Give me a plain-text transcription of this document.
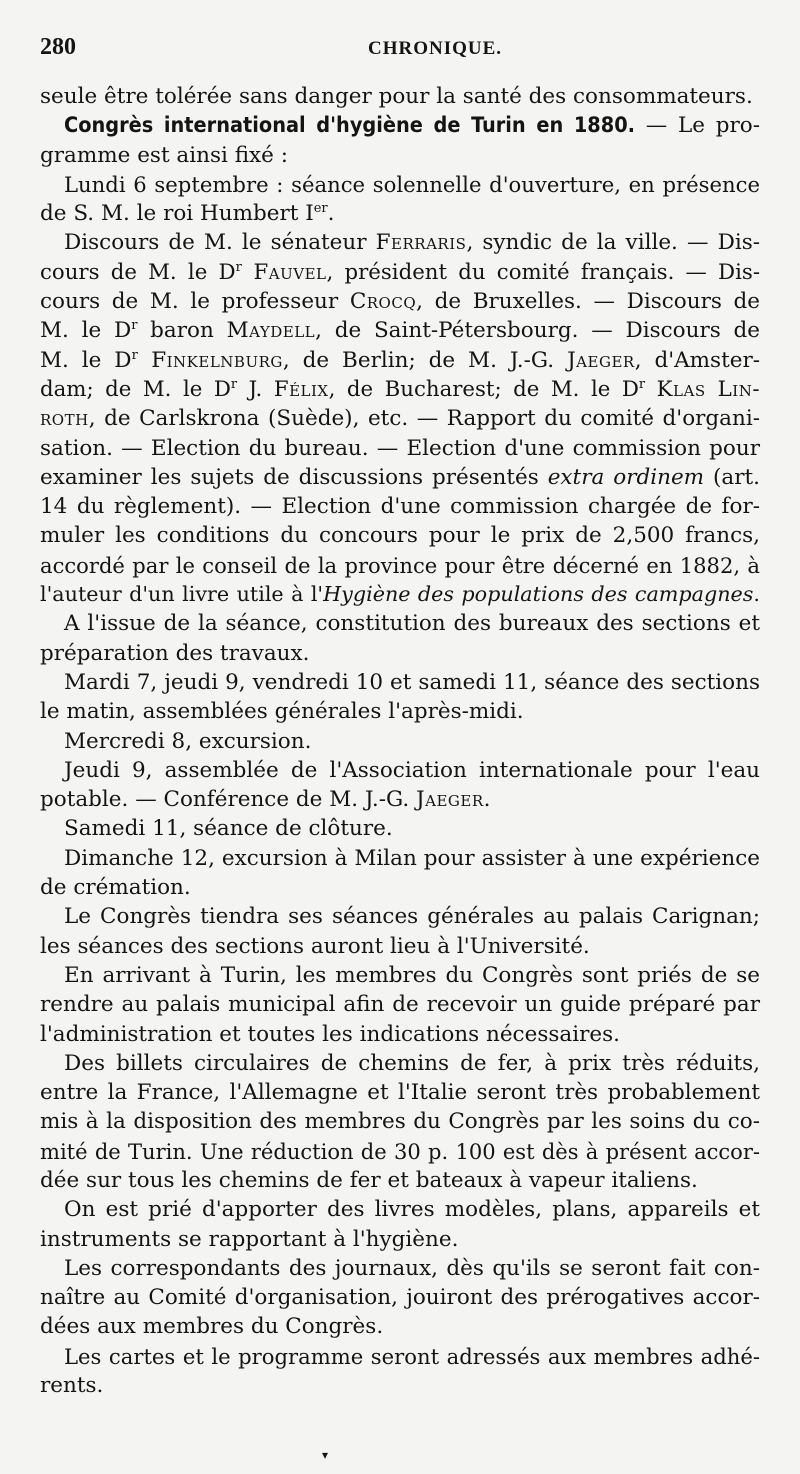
280	CHRONIQUE.
seule être tolérée sans danger pour la santé des consommateurs.
Congrès international d'hygiène de Turin en 1880. — Le pro-
gramme est ainsi fixé :
Lundi 6 septembre : séance solennelle d'ouverture, en présence
de S. M. le roi Humbert Ier.
Discours de M. le sénateur Ferraris, syndic de la ville. — Dis-
cours de M. le $D^r$ Fauvel, président du comité français. — Dis-
cours de M. le professeur Crocq, de Bruxelles. — Discours de
M. le $D^r$ baron Maydell, de Saint-Pétersbourg. — Discours de
M. le $D^r$ Finkelnburg, de Berlin; de M. J.-G. Jaeger, d'Amster-
dam; de M. le $D^r$ J. Félix, de Bucharest; de M. le $D^r$ Klas Lin-
roth, de Carlskrona (Suède), etc. — Rapport du comité d'organi-
sation. — Election du bureau. — Election d'une commission pour
examiner les sujets de discussions présentés extra ordinem (art.
14 du règlement). — Election d'une commission chargée de for-
muler les conditions du concours pour le prix de 2,500 francs,
accordé par le conseil de la province pour être décerné en 1882, à
l'auteur d'un livre utile à l'Hygiène des populations des campagnes.
A l'issue de la séance, constitution des bureaux des sections et
préparation des travaux.
Mardi 7, jeudi 9, vendredi 10 et samedi 11, séance des sections
le matin, assemblées générales l'après-midi.
Mercredi 8, excursion.
Jeudi 9, assemblée de l'Association internationale pour l'eau
potable. — Conférence de M. J.-G. Jaeger.
Samedi 11, séance de clôture.
Dimanche 12, excursion à Milan pour assister à une expérience
de crémation.
Le Congrès tiendra ses séances générales au palais Carignan;
les séances des sections auront lieu à l'Université.
En arrivant à Turin, les membres du Congrès sont priés de se
rendre au palais municipal afin de recevoir un guide préparé par
l'administration et toutes les indications nécessaires.
Des billets circulaires de chemins de fer, à prix très réduits,
entre la France, l'Allemagne et l'Italie seront très probablement
mis à la disposition des membres du Congrès par les soins du co-
mité de Turin. Une réduction de 30 p. 100 est dès à présent accor-
dée sur tous les chemins de fer et bateaux à vapeur italiens.
On est prié d'apporter des livres modèles, plans, appareils et
instruments se rapportant à l'hygiène.
Les correspondants des journaux, dès qu'ils se seront fait con-
naître au Comité d'organisation, jouiront des prérogatives accor-
dées aux membres du Congrès.
Les cartes et le programme seront adressés aux membres adhé-
rents.
▾
